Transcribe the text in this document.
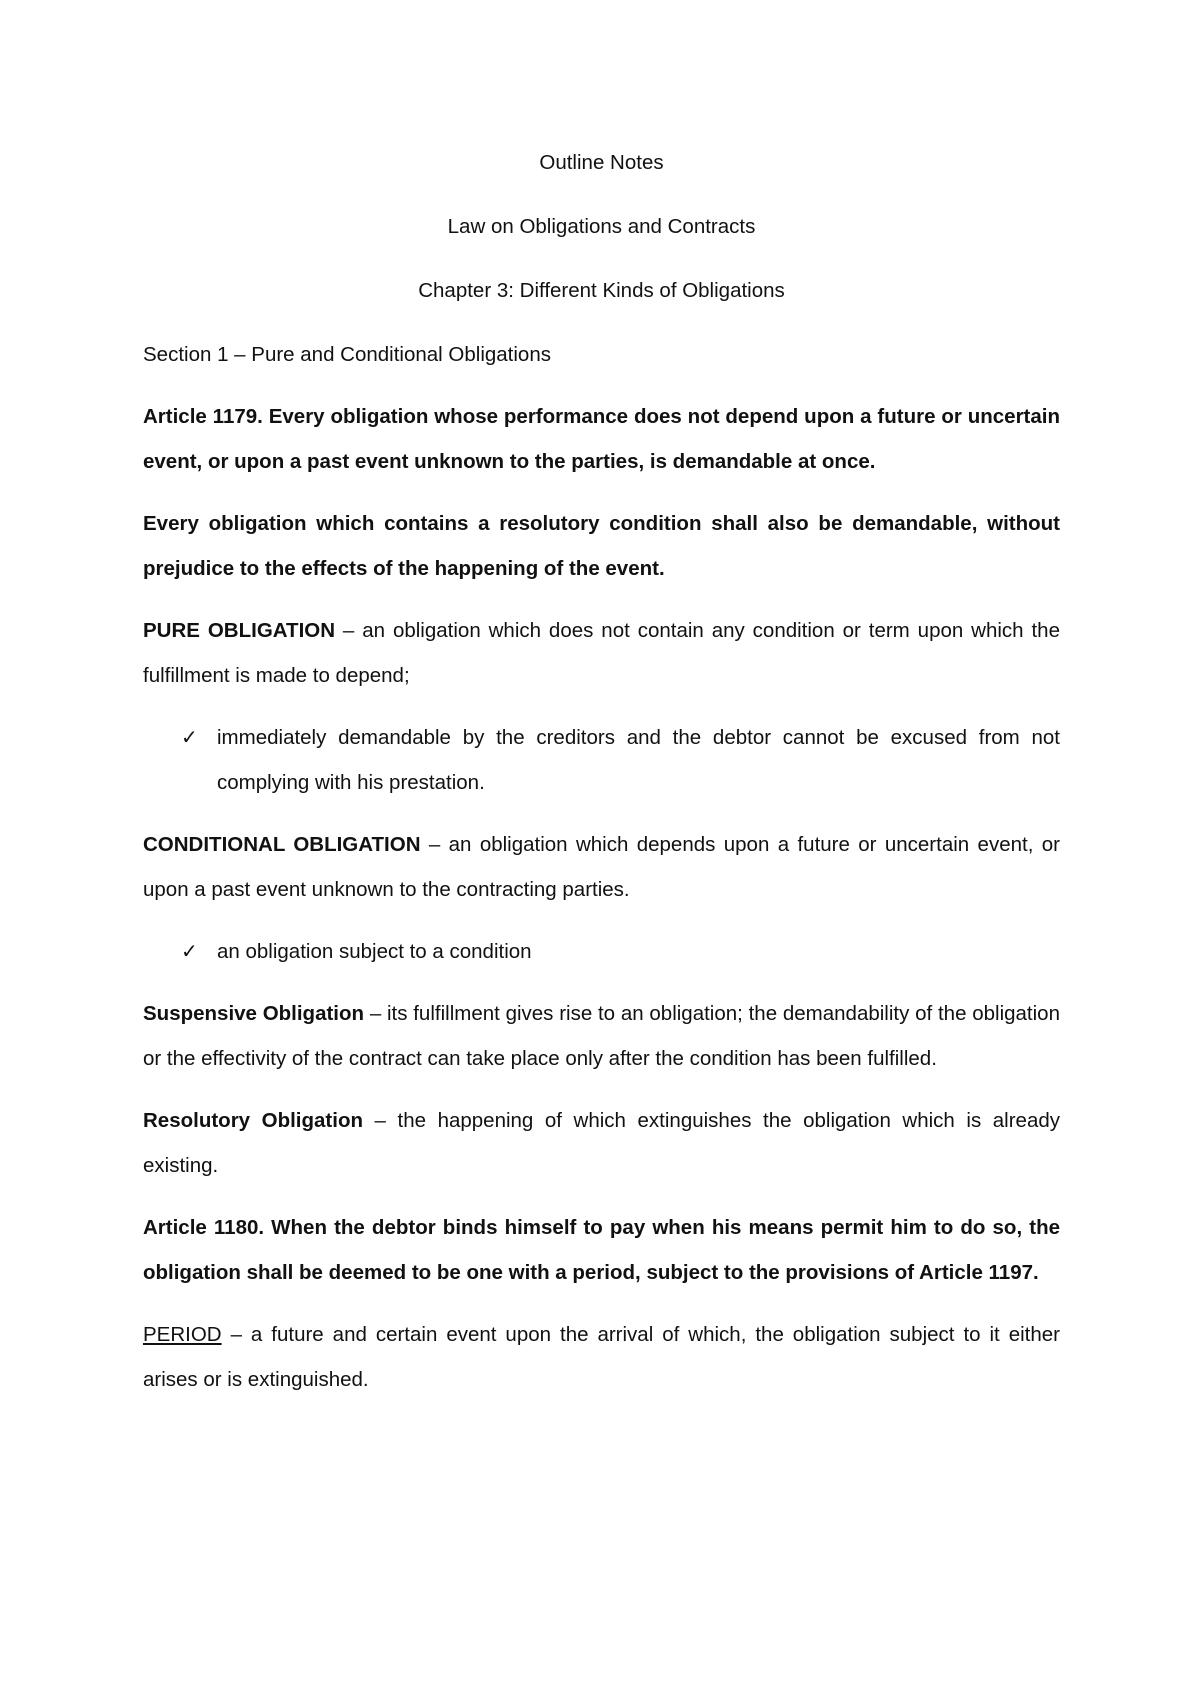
Outline Notes

Law on Obligations and Contracts

Chapter 3: Different Kinds of Obligations

Section 1 – Pure and Conditional Obligations

Article 1179. Every obligation whose performance does not depend upon a future or uncertain event, or upon a past event unknown to the parties, is demandable at once.

Every obligation which contains a resolutory condition shall also be demandable, without prejudice to the effects of the happening of the event.

PURE OBLIGATION – an obligation which does not contain any condition or term upon which the fulfillment is made to depend;

✓ immediately demandable by the creditors and the debtor cannot be excused from not complying with his prestation.

CONDITIONAL OBLIGATION – an obligation which depends upon a future or uncertain event, or upon a past event unknown to the contracting parties.

✓ an obligation subject to a condition

Suspensive Obligation – its fulfillment gives rise to an obligation; the demandability of the obligation or the effectivity of the contract can take place only after the condition has been fulfilled.

Resolutory Obligation – the happening of which extinguishes the obligation which is already existing.

Article 1180. When the debtor binds himself to pay when his means permit him to do so, the obligation shall be deemed to be one with a period, subject to the provisions of Article 1197.

PERIOD – a future and certain event upon the arrival of which, the obligation subject to it either arises or is extinguished.
